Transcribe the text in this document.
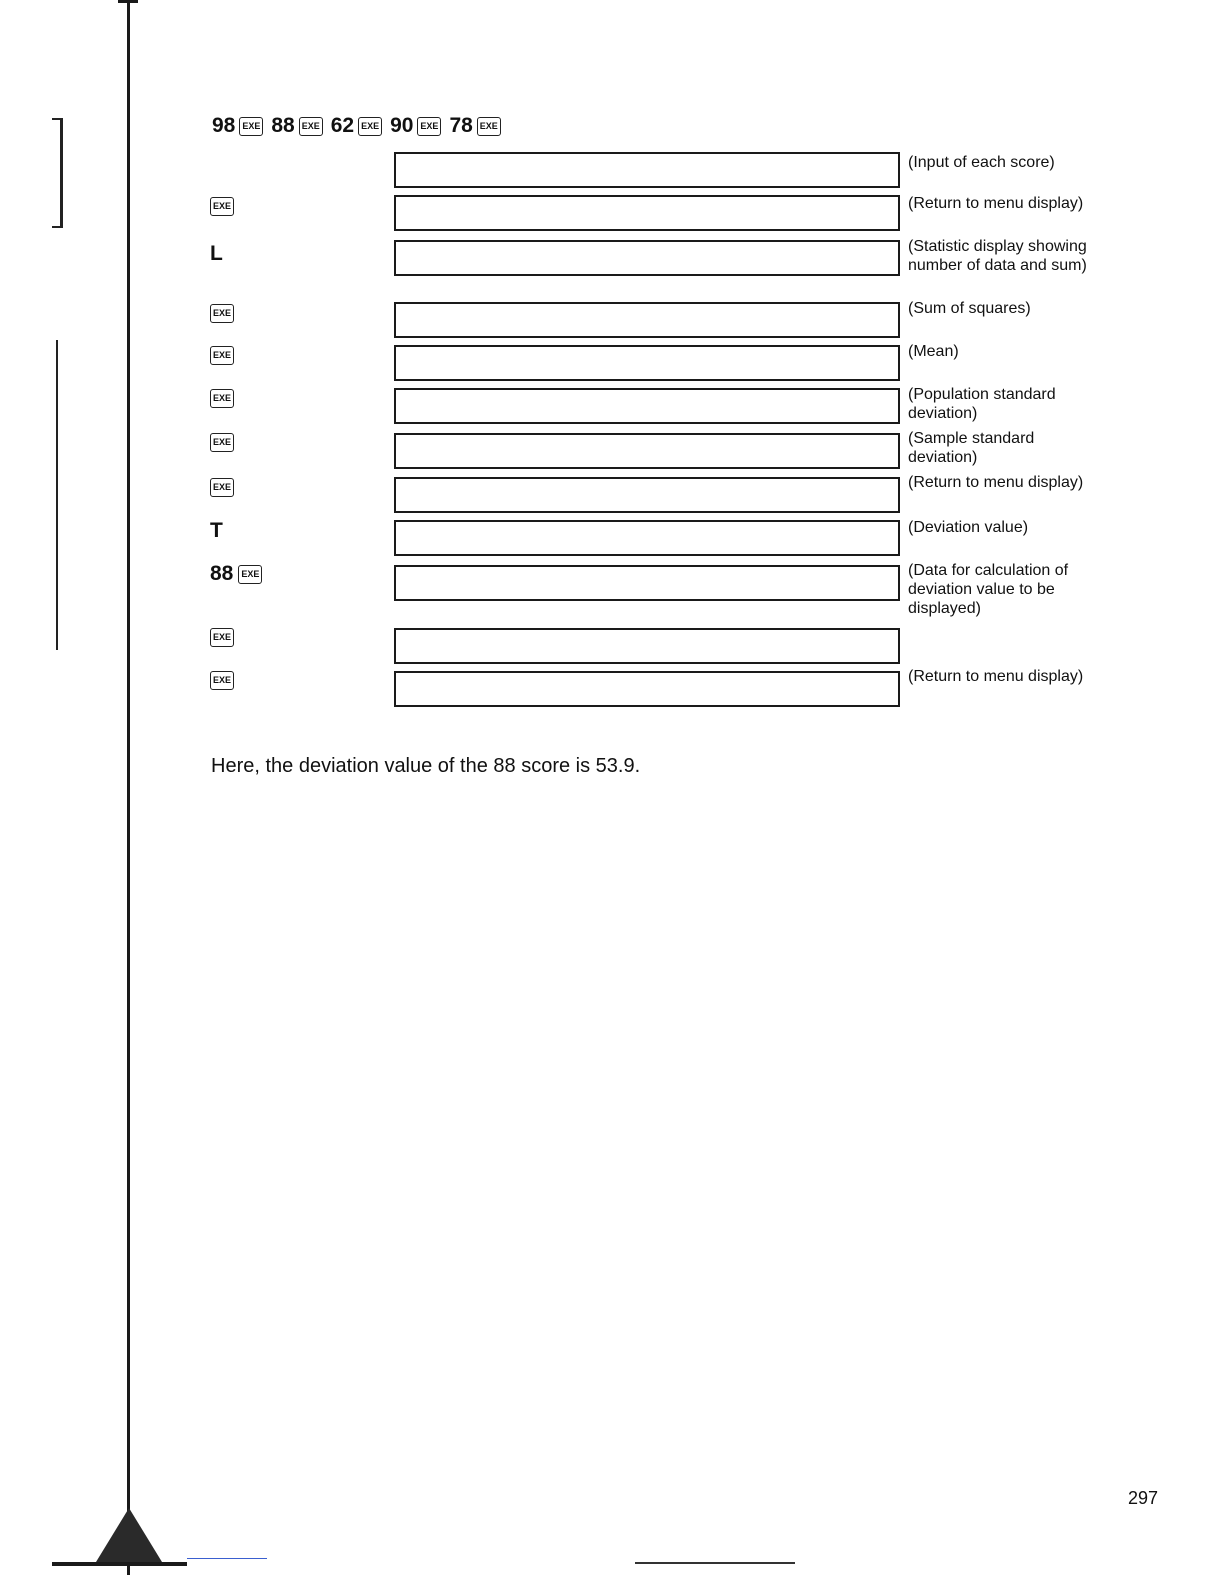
98 EXE 88 EXE 62 EXE 90 EXE 78 EXE

(Input of each score)
EXE

	(Return to menu display)
L

	(Statistic display showing number of data and sum)
EXE

	(Sum of squares)
EXE

	(Mean)
EXE

	(Population standard deviation)
EXE

	(Sample standard deviation)
EXE

	(Return to menu display)
T

	(Deviation value)
88 EXE

	(Data for calculation of deviation value to be displayed)
EXE

EXE

	(Return to menu display)
Here, the deviation value of the 88 score is 53.9.
297
